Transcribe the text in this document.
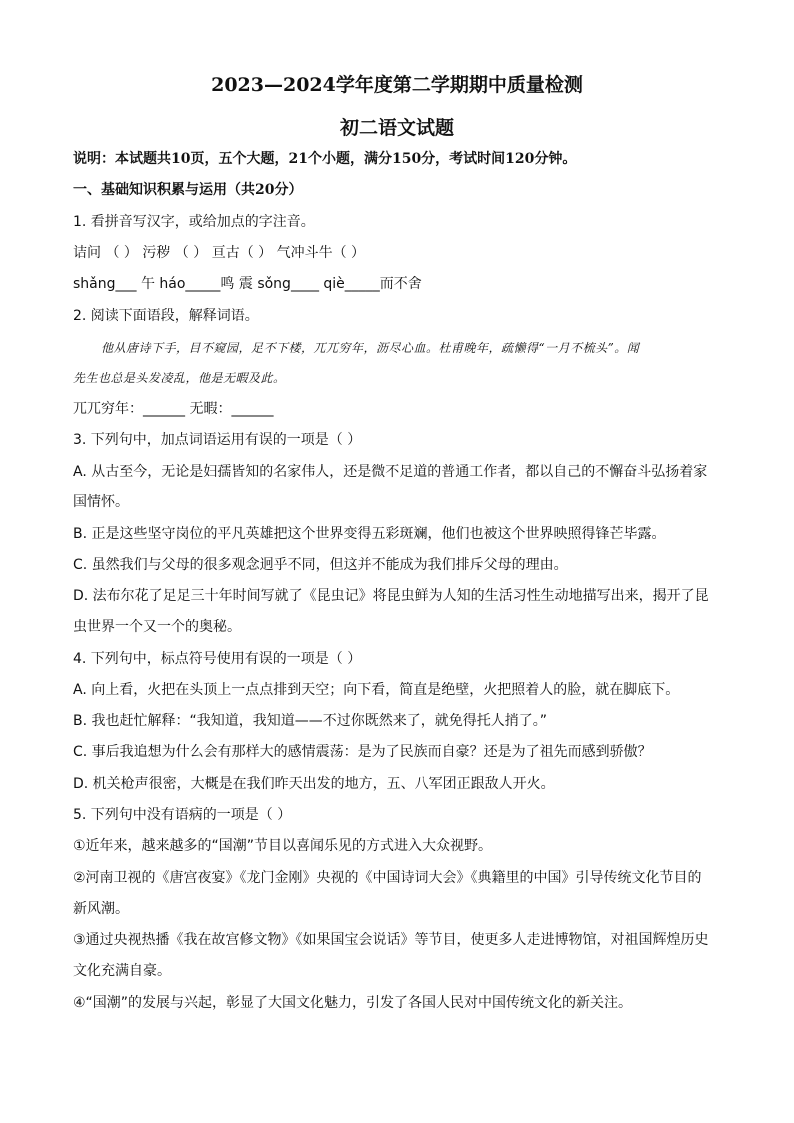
2023—2024学年度第二学期期中质量检测
初二语文试题
说明：本试题共10页，五个大题，21个小题，满分150分，考试时间120分钟。
一、基础知识积累与运用（共20分）
1. 看拼音写汉字，或给加点的字注音。
诘问 （ ） 污秽 （ ） 亘古（ ） 气冲斗牛（ ）
shǎng___ 午 háo_____鸣 震 sǒng____ qiè_____而不舍
2. 阅读下面语段，解释词语。
他从唐诗下手，目不窥园，足不下楼，兀兀穷年，沥尽心血。杜甫晚年，疏懒得“一月不梳头”。闻
先生也总是头发凌乱，他是无暇及此。
兀兀穷年：______ 无暇：______
3. 下列句中，加点词语运用有误的一项是（ ）
A. 从古至今，无论是妇孺皆知的名家伟人，还是微不足道的普通工作者，都以自己的不懈奋斗弘扬着家
国情怀。
B. 正是这些坚守岗位的平凡英雄把这个世界变得五彩斑斓，他们也被这个世界映照得锋芒毕露。
C. 虽然我们与父母的很多观念迥乎不同，但这并不能成为我们排斥父母的理由。
D. 法布尔花了足足三十年时间写就了《昆虫记》将昆虫鲜为人知的生活习性生动地描写出来，揭开了昆
虫世界一个又一个的奥秘。
4. 下列句中，标点符号使用有误的一项是（ ）
A. 向上看，火把在头顶上一点点排到天空；向下看，简直是绝壁，火把照着人的脸，就在脚底下。
B. 我也赶忙解释：“我知道，我知道——不过你既然来了，就免得托人捎了。”
C. 事后我追想为什么会有那样大的感情震荡：是为了民族而自豪？还是为了祖先而感到骄傲？
D. 机关枪声很密，大概是在我们昨天出发的地方，五、八军团正跟敌人开火。
5. 下列句中没有语病的一项是（ ）
①近年来，越来越多的“国潮”节目以喜闻乐见的方式进入大众视野。
②河南卫视的《唐宫夜宴》《龙门金刚》央视的《中国诗词大会》《典籍里的中国》引导传统文化节目的
新风潮。
③通过央视热播《我在故宫修文物》《如果国宝会说话》等节目，使更多人走进博物馆，对祖国辉煌历史
文化充满自豪。
④“国潮”的发展与兴起，彰显了大国文化魅力，引发了各国人民对中国传统文化的新关注。
